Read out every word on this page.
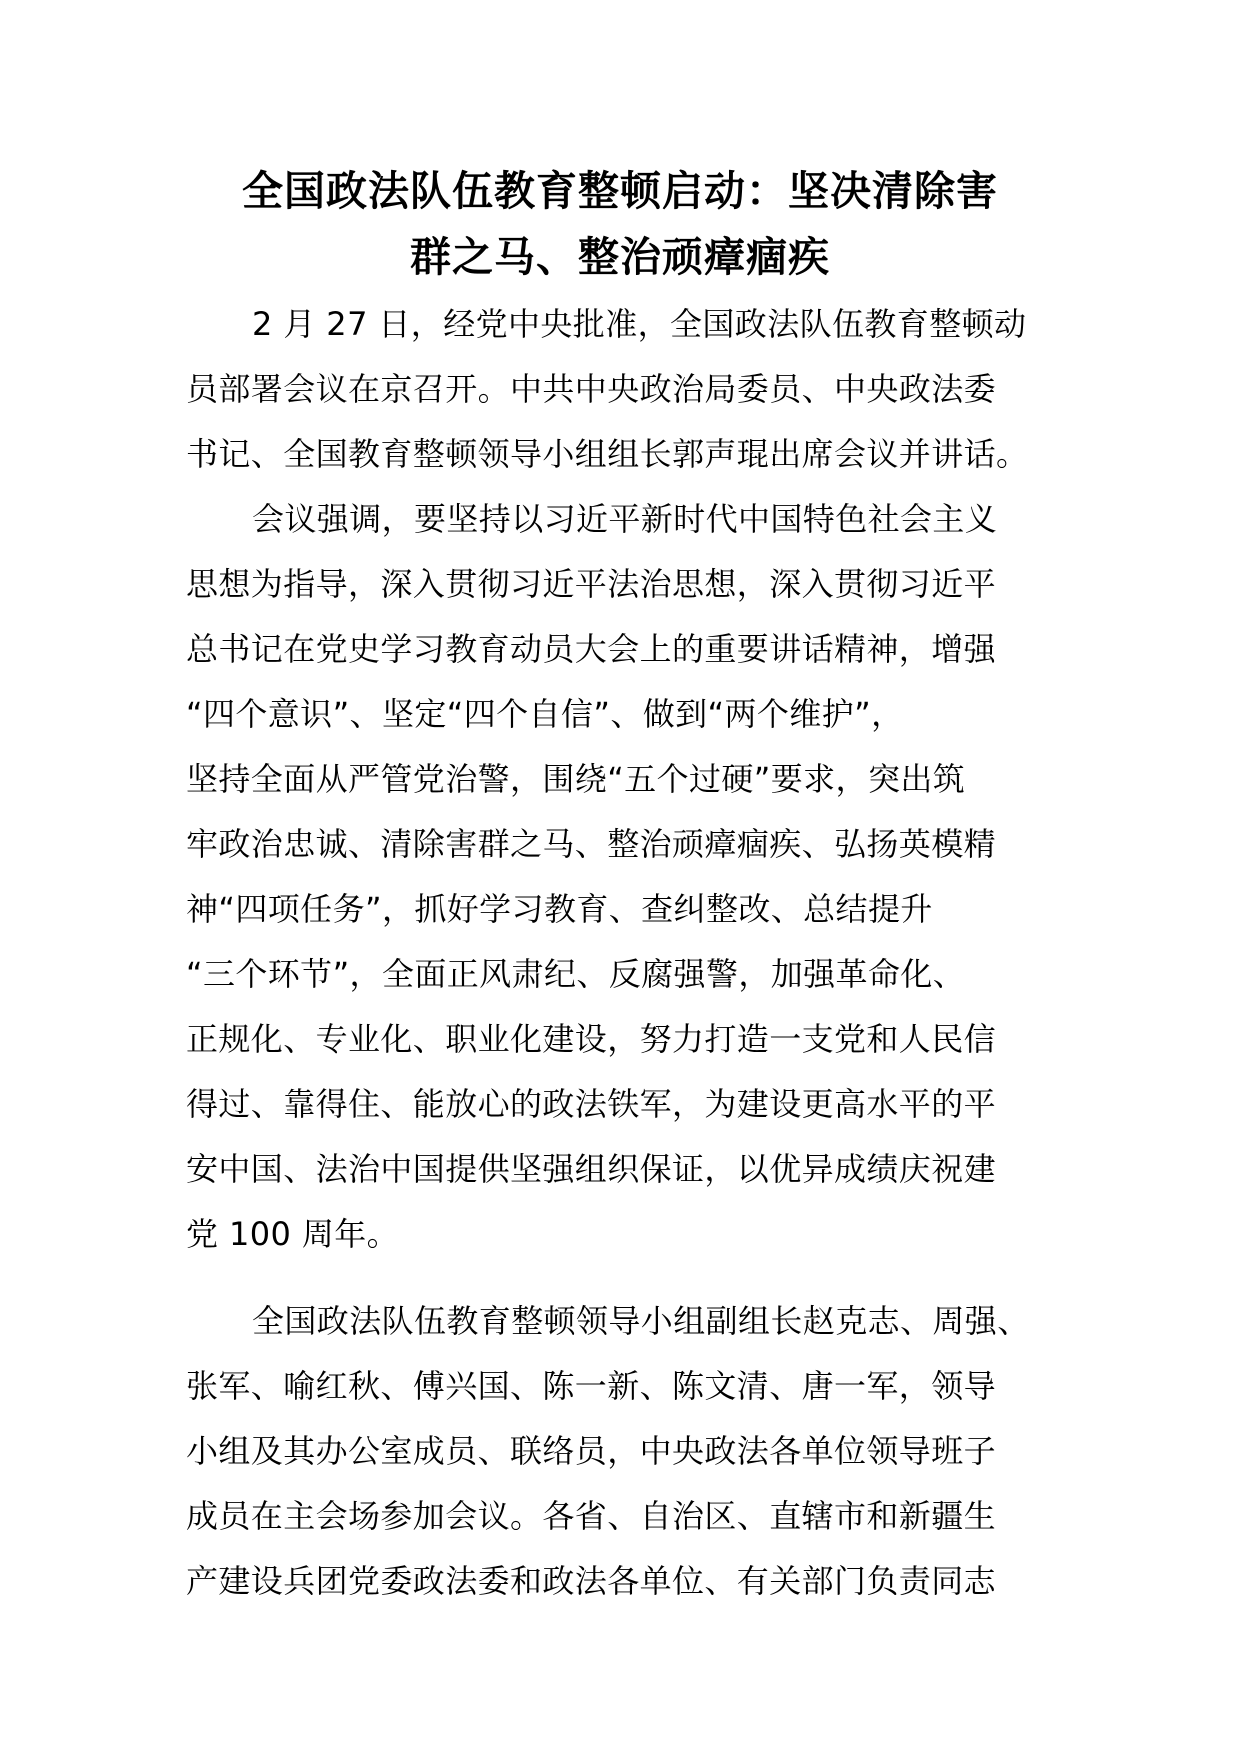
全国政法队伍教育整顿启动：坚决清除害
群之马、整治顽瘴痼疾
2 月 27 日，经党中央批准，全国政法队伍教育整顿动
员部署会议在京召开。中共中央政治局委员、中央政法委
书记、全国教育整顿领导小组组长郭声琨出席会议并讲话。
会议强调，要坚持以习近平新时代中国特色社会主义
思想为指导，深入贯彻习近平法治思想，深入贯彻习近平
总书记在党史学习教育动员大会上的重要讲话精神，增强
“四个意识”、坚定“四个自信”、做到“两个维护”，
坚持全面从严管党治警，围绕“五个过硬”要求，突出筑
牢政治忠诚、清除害群之马、整治顽瘴痼疾、弘扬英模精
神“四项任务”，抓好学习教育、查纠整改、总结提升
“三个环节”，全面正风肃纪、反腐强警，加强革命化、
正规化、专业化、职业化建设，努力打造一支党和人民信
得过、靠得住、能放心的政法铁军，为建设更高水平的平
安中国、法治中国提供坚强组织保证，以优异成绩庆祝建
党 100 周年。
全国政法队伍教育整顿领导小组副组长赵克志、周强、
张军、喻红秋、傅兴国、陈一新、陈文清、唐一军，领导
小组及其办公室成员、联络员，中央政法各单位领导班子
成员在主会场参加会议。各省、自治区、直辖市和新疆生
产建设兵团党委政法委和政法各单位、有关部门负责同志
